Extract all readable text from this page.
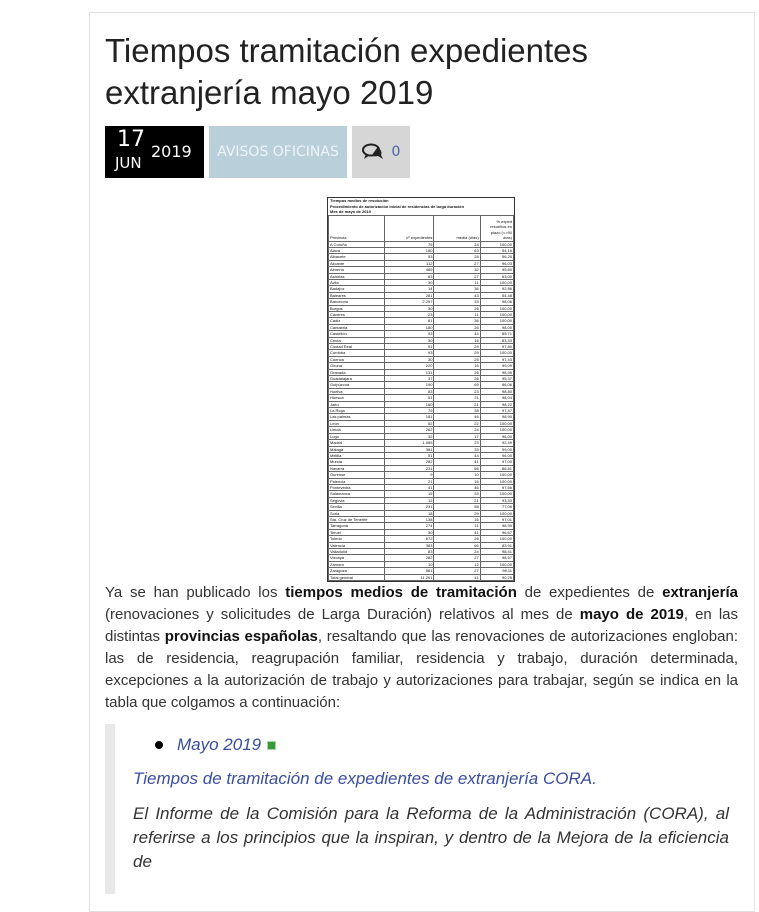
Tiempos tramitación expedientes extranjería mayo 2019
17
JUN
2019	AVISOS OFICINAS	0
Tiempos medios de resolución
Procedimiento de autorización inicial de residencias de larga duración
Mes de mayo de 2019
Provincia	nº expedientes	media (días)	% exped resueltos en plazo (<=90 días)
A Coruña	75	24	100,00
Álava	180	63	54,16
Albacete	53	28	56,25
Alicante	112	27	96,03
Almería	489	32	99,60
Asturias	63	27	63,00
Ávila	30	11	100,00
Badajoz	14	36	92,86
Baleares	281	43	54,48
Barcelona	2.257	33	98,06
Burgos	30	26	100,00
Cáceres	23	11	100,00
Cádiz	81	36	100,00
Cantabria	180	26	98,00
Castellón	93	44	85,71
Ceuta	30	16	83,33
Ciudad Real	91	29	97,80
Córdoba	93	29	100,00
Cuenca	30	25	97,43
Girona	220	16	99,09
Granada	131	26	98,99
Guadalajara	37	26	95,37
Guipúzcoa	190	69	86,06
Huelva	83	23	98,80
Huesca	51	21	98,04
Jaén	160	21	98,22
La Rioja	79	38	97,47
Las palmas	181	46	98,90
León	52	22	100,00
Lleida	262	24	100,00
Lugo	32	17	96,00
Madrid	1.065	23	92,49
Málaga	381	33	99,00
Melilla	51	44	96,00
Murcia	282	41	97,00
Navarra	231	56	86,81
Ourense	9	10	100,00
Palencia	21	16	100,00
Pontevedra	41	46	97,56
Salamanca	15	33	100,00
Segovia	12	21	93,33
Sevilla	231	58	77,06
Soria	18	29	100,00
Sta. Cruz de Tenerife	138	16	97,01
Tarragona	274	11	98,99
Teruel	30	41	96,67
Toledo	672	26	100,00
Valencia	383	66	83,91
Valladolid	83	24	98,41
Vizcaya	282	27	98,57
Zamora	10	12	100,00
Zaragoza	561	27	98,11
Total general	11.201	41	90,25

Ya se han publicado los tiempos medios de tramitación de expedientes de extranjería (renovaciones y solicitudes de Larga Duración) relativos al mes de mayo de 2019, en las distintas provincias españolas, resaltando que las renovaciones de autorizaciones engloban: las de residencia, reagrupación familiar, residencia y trabajo, duración determinada, excepciones a la autorización de trabajo y autorizaciones para trabajar, según se indica en la tabla que colgamos a continuación:

Mayo 2019
Tiempos de tramitación de expedientes de extranjería CORA.
El Informe de la Comisión para la Reforma de la Administración (CORA), al referirse a los principios que la inspiran, y dentro de la Mejora de la eficiencia de
